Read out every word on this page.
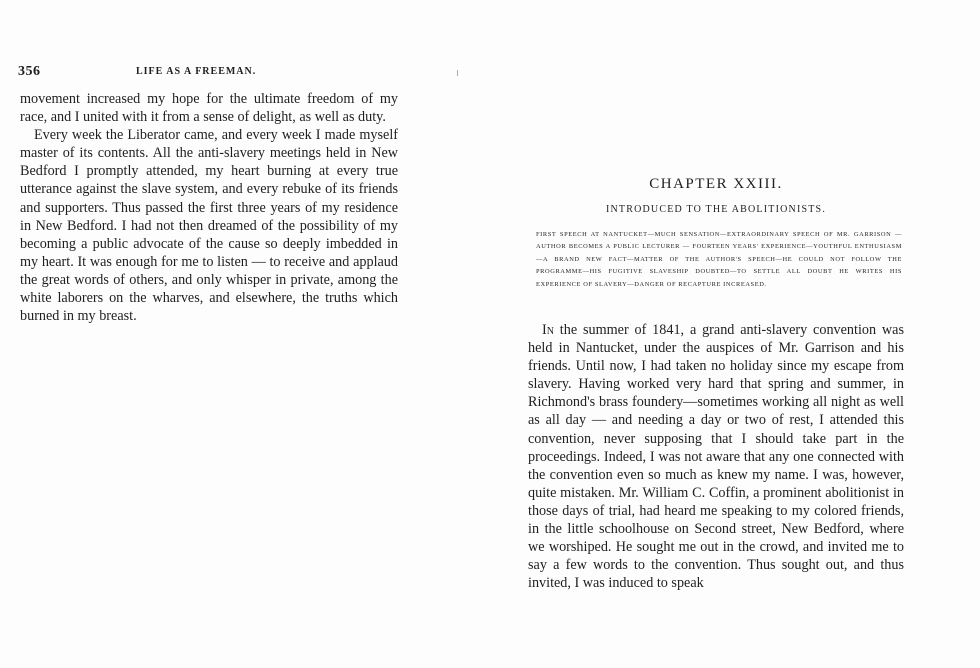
356	LIFE AS A FREEMAN.

movement increased my hope for the ultimate freedom of my race, and I united with it from a sense of delight, as well as duty.

Every week the Liberator came, and every week I made myself master of its contents. All the anti-slavery meetings held in New Bedford I promptly attended, my heart burning at every true utterance against the slave system, and every rebuke of its friends and supporters. Thus passed the first three years of my residence in New Bedford. I had not then dreamed of the possibility of my becoming a public advocate of the cause so deeply imbedded in my heart. It was enough for me to listen — to receive and applaud the great words of others, and only whisper in private, among the white laborers on the wharves, and elsewhere, the truths which burned in my breast.

CHAPTER XXIII.
INTRODUCED TO THE ABOLITIONISTS.
FIRST SPEECH AT NANTUCKET—MUCH SENSATION—EXTRAORDINARY SPEECH OF MR. GARRISON — AUTHOR BECOMES A PUBLIC LECTURER — FOURTEEN YEARS' EXPERIENCE—YOUTHFUL ENTHUSIASM—A BRAND NEW FACT—MATTER OF THE AUTHOR'S SPEECH—HE COULD NOT FOLLOW THE PROGRAMME—HIS FUGITIVE SLAVESHIP DOUBTED—TO SETTLE ALL DOUBT HE WRITES HIS EXPERIENCE OF SLAVERY—DANGER OF RECAPTURE INCREASED.
In the summer of 1841, a grand anti-slavery convention was held in Nantucket, under the auspices of Mr. Garrison and his friends. Until now, I had taken no holiday since my escape from slavery. Having worked very hard that spring and summer, in Richmond's brass foundery—sometimes working all night as well as all day — and needing a day or two of rest, I attended this convention, never supposing that I should take part in the proceedings. Indeed, I was not aware that any one connected with the convention even so much as knew my name. I was, however, quite mistaken. Mr. William C. Coffin, a prominent abolitionist in those days of trial, had heard me speaking to my colored friends, in the little schoolhouse on Second street, New Bedford, where we worshiped. He sought me out in the crowd, and invited me to say a few words to the convention. Thus sought out, and thus invited, I was induced to speak
